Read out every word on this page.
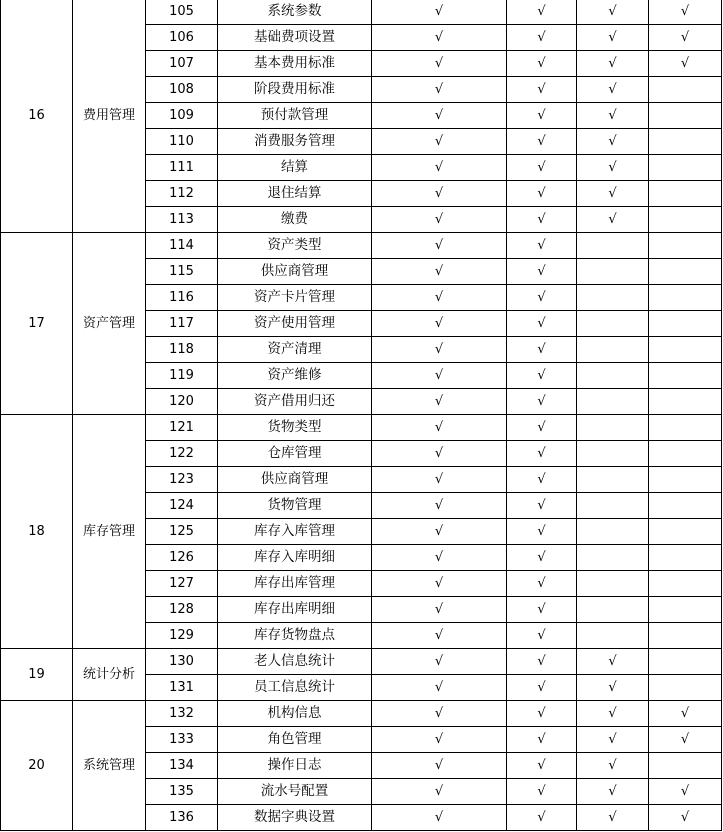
16	费用管理	105	系统参数	√	√	√	√
		106	基础费项设置	√	√	√	√
		107	基本费用标准	√	√	√	√
		108	阶段费用标准	√	√	√	
		109	预付款管理	√	√	√	
		110	消费服务管理	√	√	√	
		111	结算	√	√	√	
		112	退住结算	√	√	√	
		113	缴费	√	√	√	
17	资产管理	114	资产类型	√	√		
		115	供应商管理	√	√		
		116	资产卡片管理	√	√		
		117	资产使用管理	√	√		
		118	资产清理	√	√		
		119	资产维修	√	√		
		120	资产借用归还	√	√		
18	库存管理	121	货物类型	√	√		
		122	仓库管理	√	√		
		123	供应商管理	√	√		
		124	货物管理	√	√		
		125	库存入库管理	√	√		
		126	库存入库明细	√	√		
		127	库存出库管理	√	√		
		128	库存出库明细	√	√		
		129	库存货物盘点	√	√		
19	统计分析	130	老人信息统计	√	√	√	
		131	员工信息统计	√	√	√	
20	系统管理	132	机构信息	√	√	√	√
		133	角色管理	√	√	√	√
		134	操作日志	√	√	√	
		135	流水号配置	√	√	√	√
		136	数据字典设置	√	√	√	√
